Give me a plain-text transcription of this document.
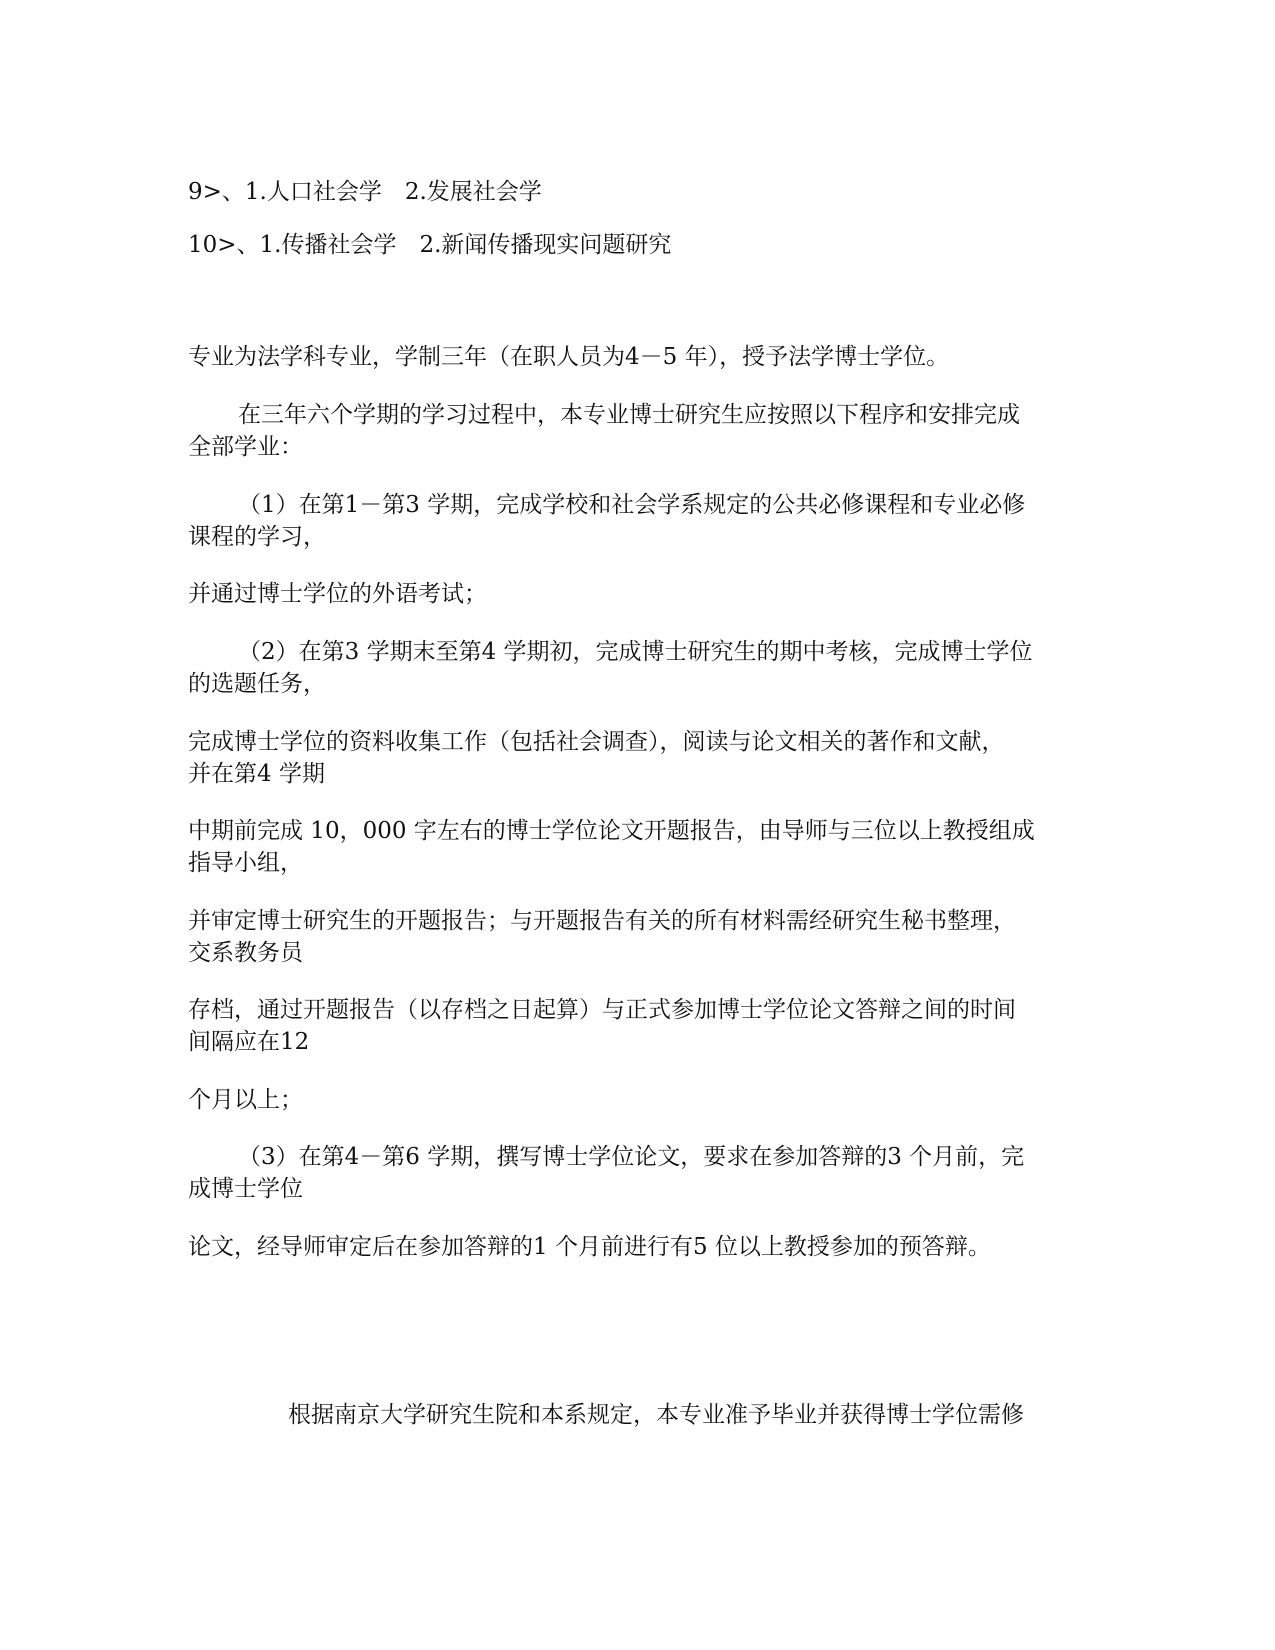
9>、1.人口社会学　2.发展社会学

10>、1.传播社会学　2.新闻传播现实问题研究

专业为法学科专业，学制三年（在职人员为4－5 年），授予法学博士学位。

在三年六个学期的学习过程中，本专业博士研究生应按照以下程序和安排完成

全部学业：

（1）在第1－第3 学期，完成学校和社会学系规定的公共必修课程和专业必修

课程的学习，

并通过博士学位的外语考试；

（2）在第3 学期末至第4 学期初，完成博士研究生的期中考核，完成博士学位

的选题任务，

完成博士学位的资料收集工作（包括社会调查），阅读与论文相关的著作和文献，

并在第4 学期

中期前完成 10，000 字左右的博士学位论文开题报告，由导师与三位以上教授组成

指导小组，

并审定博士研究生的开题报告；与开题报告有关的所有材料需经研究生秘书整理，

交系教务员

存档，通过开题报告（以存档之日起算）与正式参加博士学位论文答辩之间的时间

间隔应在12

个月以上；

（3）在第4－第6 学期，撰写博士学位论文，要求在参加答辩的3 个月前，完

成博士学位

论文，经导师审定后在参加答辩的1 个月前进行有5 位以上教授参加的预答辩。

根据南京大学研究生院和本系规定，本专业准予毕业并获得博士学位需修
